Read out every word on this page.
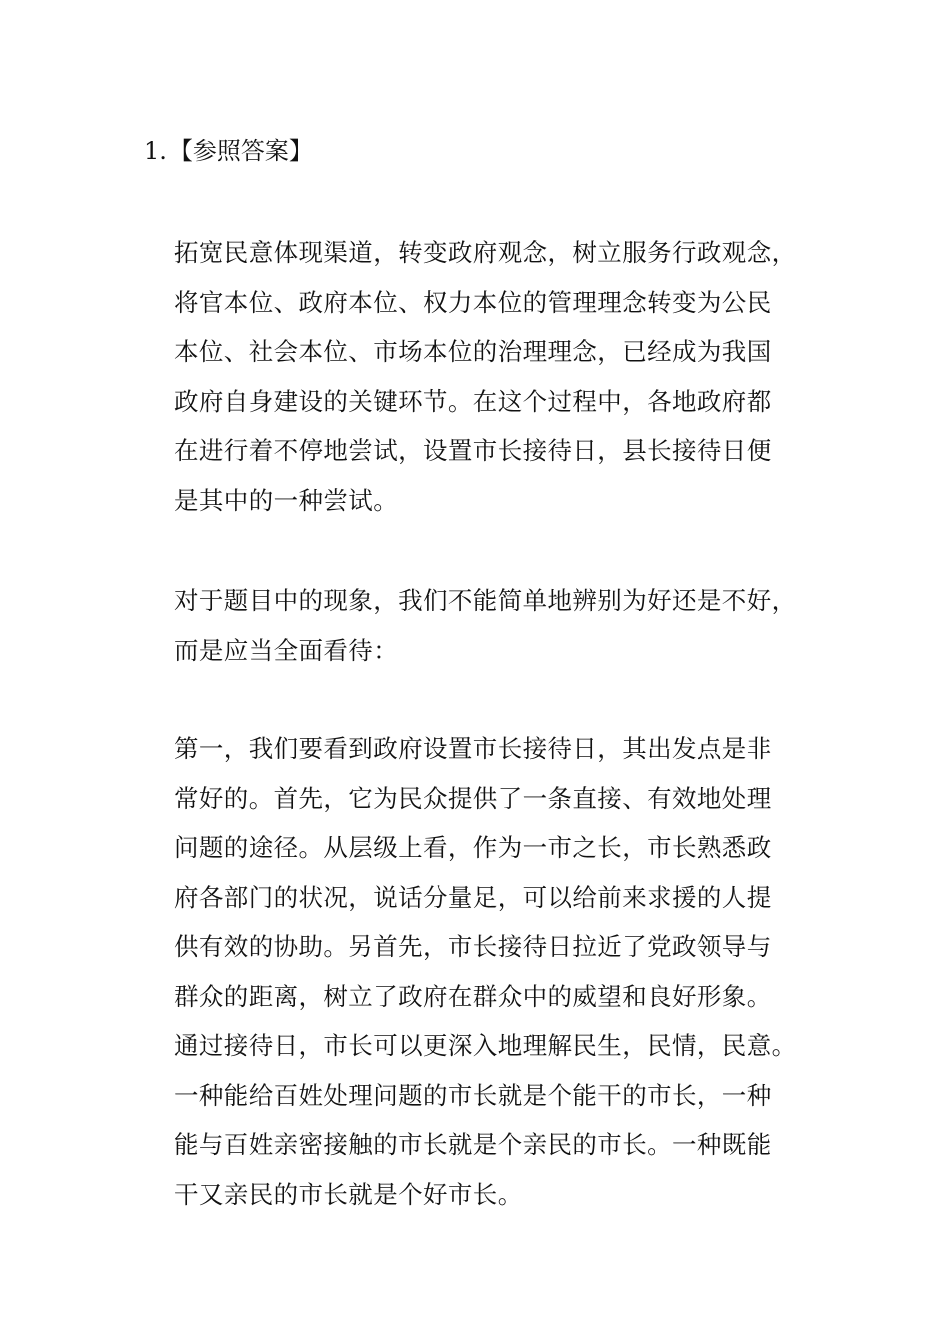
1.【参照答案】
拓宽民意体现渠道，转变政府观念，树立服务行政观念，
将官本位、政府本位、权力本位的管理理念转变为公民
本位、社会本位、市场本位的治理理念，已经成为我国
政府自身建设的关键环节。在这个过程中，各地政府都
在进行着不停地尝试，设置市长接待日，县长接待日便
是其中的一种尝试。
对于题目中的现象，我们不能简单地辨别为好还是不好，
而是应当全面看待：
第一，我们要看到政府设置市长接待日，其出发点是非
常好的。首先，它为民众提供了一条直接、有效地处理
问题的途径。从层级上看，作为一市之长，市长熟悉政
府各部门的状况，说话分量足，可以给前来求援的人提
供有效的协助。另首先，市长接待日拉近了党政领导与
群众的距离，树立了政府在群众中的威望和良好形象。
通过接待日，市长可以更深入地理解民生，民情，民意。
一种能给百姓处理问题的市长就是个能干的市长，一种
能与百姓亲密接触的市长就是个亲民的市长。一种既能
干又亲民的市长就是个好市长。
